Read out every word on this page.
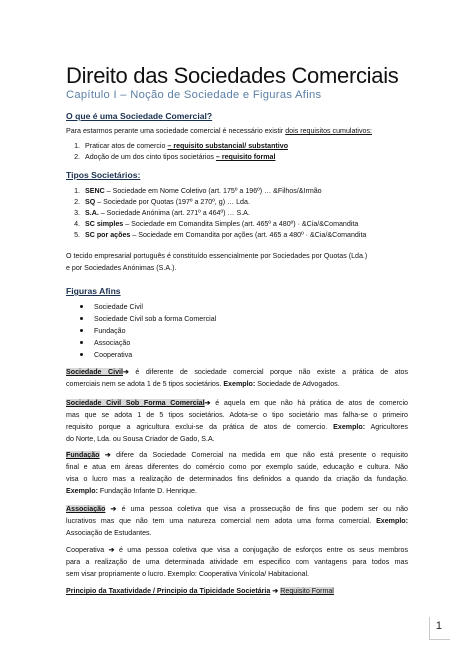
Direito das Sociedades Comerciais
Capítulo I – Noção de Sociedade e Figuras Afins
O que é uma Sociedade Comercial?
Para estarmos perante uma sociedade comercial é necessário existir dois requisitos cumulativos:
1. Praticar atos de comercio – requisito substancial/ substantivo
2. Adoção de um dos cinto tipos societários – requisito formal
Tipos Societários:
1. SENC – Sociedade em Nome Coletivo (art. 175º a 196º) … &Filhos/&Irmão
2. SQ – Sociedade por Quotas (197º a 270º, g) … Lda.
3. S.A. – Sociedade Anónima (art. 271º a 464º) … S.A.
4. SC simples – Sociedade em Comandita Simples (art. 465º a 480º) · &Cia/&Comandita
5. SC por ações – Sociedade em Comandita por ações (art. 465 a 480º · &Cia/&Comandita
O tecido empresarial português é constituído essencialmente por Sociedades por Quotas (Lda.)
e por Sociedades Anónimas (S.A.).
Figuras Afins
Sociedade Civil
Sociedade Civil sob a forma Comercial
Fundação
Associação
Cooperativa
Sociedade Civil➔ é diferente de sociedade comercial porque não existe a prática de atos
comerciais nem se adota 1 de 5 tipos societários. Exemplo: Sociedade de Advogados.
Sociedade Civil Sob Forma Comercial➔ é aquela em que não há prática de atos de comercio
mas que se adota 1 de 5 tipos societários. Adota-se o tipo societário mas falha-se o primeiro
requisito porque a agricultura exclui-se da prática de atos de comercio. Exemplo: Agricultores
do Norte, Lda. ou Sousa Criador de Gado, S.A.
Fundação ➔ difere da Sociedade Comercial na medida em que não está presente o requisito
final e atua em áreas diferentes do comércio como por exemplo saúde, educação e cultura. Não
visa o lucro mas a realização de determinados fins definidos a quando da criação da fundação.
Exemplo: Fundação Infante D. Henrique.
Associação ➔ é uma pessoa coletiva que visa a prossecução de fins que podem ser ou não
lucrativos mas que não tem uma natureza comercial nem adota uma forma comercial. Exemplo:
Associação de Estudantes.
Cooperativa ➔ é uma pessoa coletiva que visa a conjugação de esforços entre os seus membros
para a realização de uma determinada atividade em especifico com vantagens para todos mas
sem visar propriamente o lucro. Exemplo: Cooperativa Vinícola/ Habitacional.
Principio da Taxatividade / Principio da Tipicidade Societária ➔ Requisito Formal
1
